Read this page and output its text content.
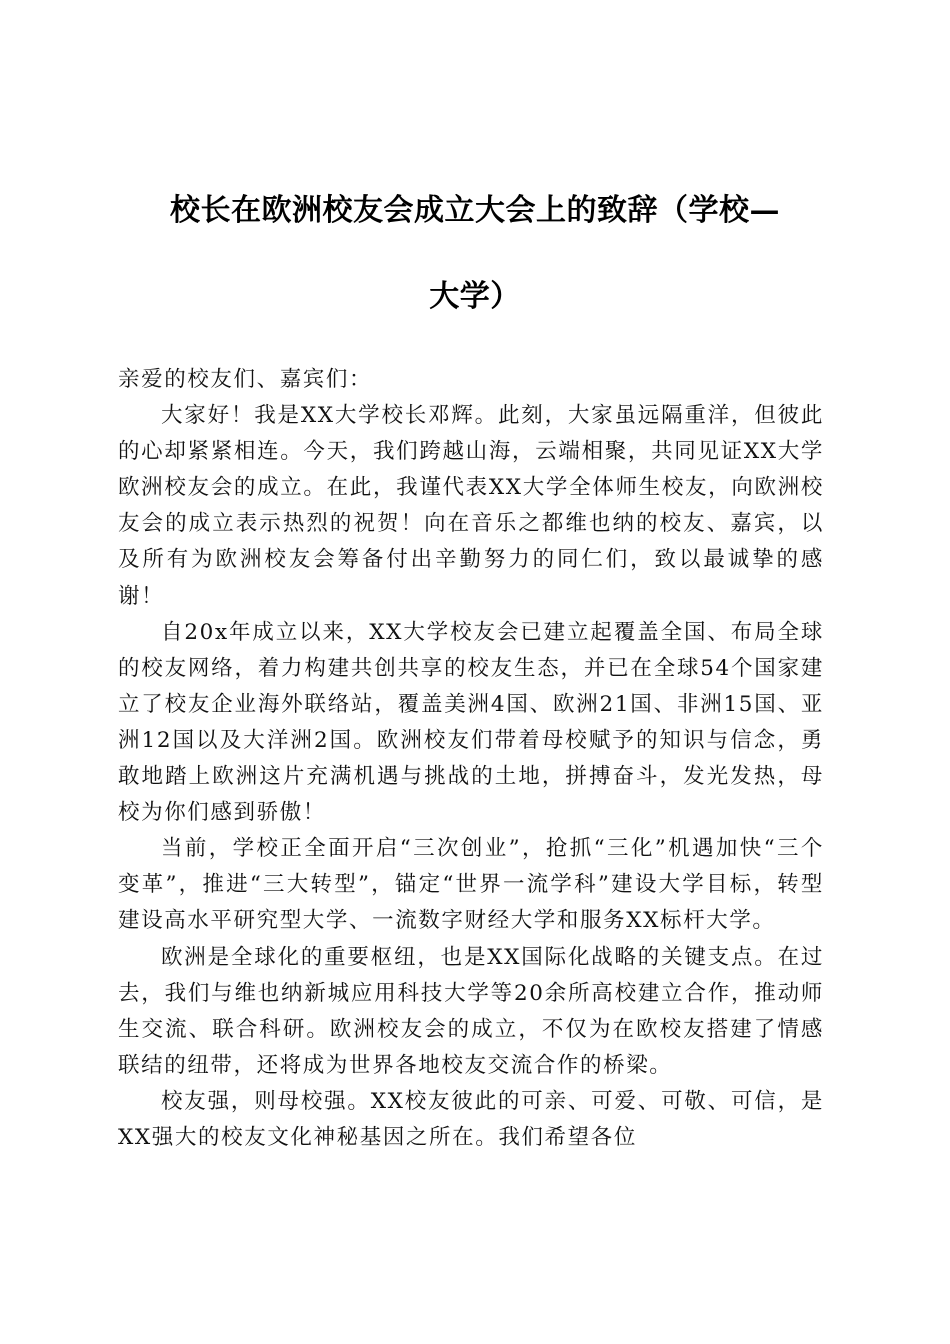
校长在欧洲校友会成立大会上的致辞（学校—
大学）

亲爱的校友们、嘉宾们：

大家好！我是XX大学校长邓辉。此刻，大家虽远隔重洋，但彼此的心却紧紧相连。今天，我们跨越山海，云端相聚，共同见证XX大学欧洲校友会的成立。在此，我谨代表XX大学全体师生校友，向欧洲校友会的成立表示热烈的祝贺！向在音乐之都维也纳的校友、嘉宾，以及所有为欧洲校友会筹备付出辛勤努力的同仁们，致以最诚挚的感谢！

自20x年成立以来，XX大学校友会已建立起覆盖全国、布局全球的校友网络，着力构建共创共享的校友生态，并已在全球54个国家建立了校友企业海外联络站，覆盖美洲4国、欧洲21国、非洲15国、亚洲12国以及大洋洲2国。欧洲校友们带着母校赋予的知识与信念，勇敢地踏上欧洲这片充满机遇与挑战的土地，拼搏奋斗，发光发热，母校为你们感到骄傲！

当前，学校正全面开启“三次创业”，抢抓“三化”机遇加快“三个变革”，推进“三大转型”，锚定“世界一流学科”建设大学目标，转型建设高水平研究型大学、一流数字财经大学和服务XX标杆大学。

欧洲是全球化的重要枢纽，也是XX国际化战略的关键支点。在过去，我们与维也纳新城应用科技大学等20余所高校建立合作，推动师生交流、联合科研。欧洲校友会的成立，不仅为在欧校友搭建了情感联结的纽带，还将成为世界各地校友交流合作的桥梁。

校友强，则母校强。XX校友彼此的可亲、可爱、可敬、可信，是XX强大的校友文化神秘基因之所在。我们希望各位
